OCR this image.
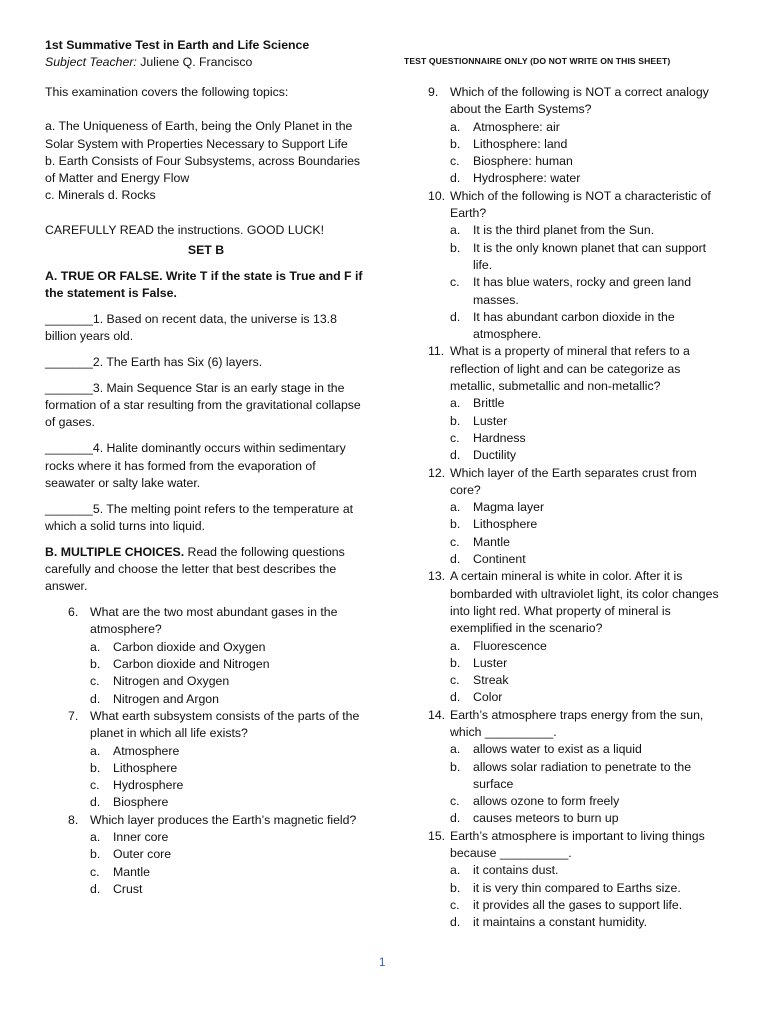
1st Summative Test in Earth and Life Science
Subject Teacher: Juliene Q. Francisco	TEST QUESTIONNAIRE ONLY (DO NOT WRITE ON THIS SHEET)

This examination covers the following topics:

a. The Uniqueness of Earth, being the Only Planet in the Solar System with Properties Necessary to Support Life

b. Earth Consists of Four Subsystems, across Boundaries of Matter and Energy Flow

c. Minerals d. Rocks

CAREFULLY READ the instructions. GOOD LUCK!

SET B

A. TRUE OR FALSE. Write T if the state is True and F if the statement is False.

_______1. Based on recent data, the universe is 13.8 billion years old.

_______2. The Earth has Six (6) layers.

_______3. Main Sequence Star is an early stage in the formation of a star resulting from the gravitational collapse of gases.

_______4. Halite dominantly occurs within sedimentary rocks where it has formed from the evaporation of seawater or salty lake water.

_______5. The melting point refers to the temperature at which a solid turns into liquid.

B. MULTIPLE CHOICES. Read the following questions carefully and choose the letter that best describes the answer.

6. What are the two most abundant gases in the atmosphere?
a.	Carbon dioxide and Oxygen
b.	Carbon dioxide and Nitrogen
c.	Nitrogen and Oxygen
d.	Nitrogen and Argon
7. What earth subsystem consists of the parts of the planet in which all life exists?
a.	Atmosphere
b.	Lithosphere
c.	Hydrosphere
d.	Biosphere
8. Which layer produces the Earth’s magnetic field?
a.	Inner core
b.	Outer core
c.	Mantle
d.	Crust
9. Which of the following is NOT a correct analogy about the Earth Systems?
a.	Atmosphere: air
b.	Lithosphere: land
c.	Biosphere: human
d.	Hydrosphere: water
10. Which of the following is NOT a characteristic of Earth?
a.	It is the third planet from the Sun.
b.	It is the only known planet that can support life.
c.	It has blue waters, rocky and green land masses.
d.	It has abundant carbon dioxide in the atmosphere.
11. What is a property of mineral that refers to a reflection of light and can be categorize as metallic, submetallic and non-metallic?
a.	Brittle
b.	Luster
c.	Hardness
d.	Ductility
12. Which layer of the Earth separates crust from core?
a.	Magma layer
b.	Lithosphere
c.	Mantle
d.	Continent
13. A certain mineral is white in color. After it is bombarded with ultraviolet light, its color changes into light red. What property of mineral is exemplified in the scenario?
a.	Fluorescence
b.	Luster
c.	Streak
d.	Color
14. Earth’s atmosphere traps energy from the sun, which __________.
a.	allows water to exist as a liquid
b.	allows solar radiation to penetrate to the surface
c.	allows ozone to form freely
d.	causes meteors to burn up
15. Earth’s atmosphere is important to living things because __________.
a.	it contains dust.
b.	it is very thin compared to Earths size.
c.	it provides all the gases to support life.
d.	it maintains a constant humidity.
1
